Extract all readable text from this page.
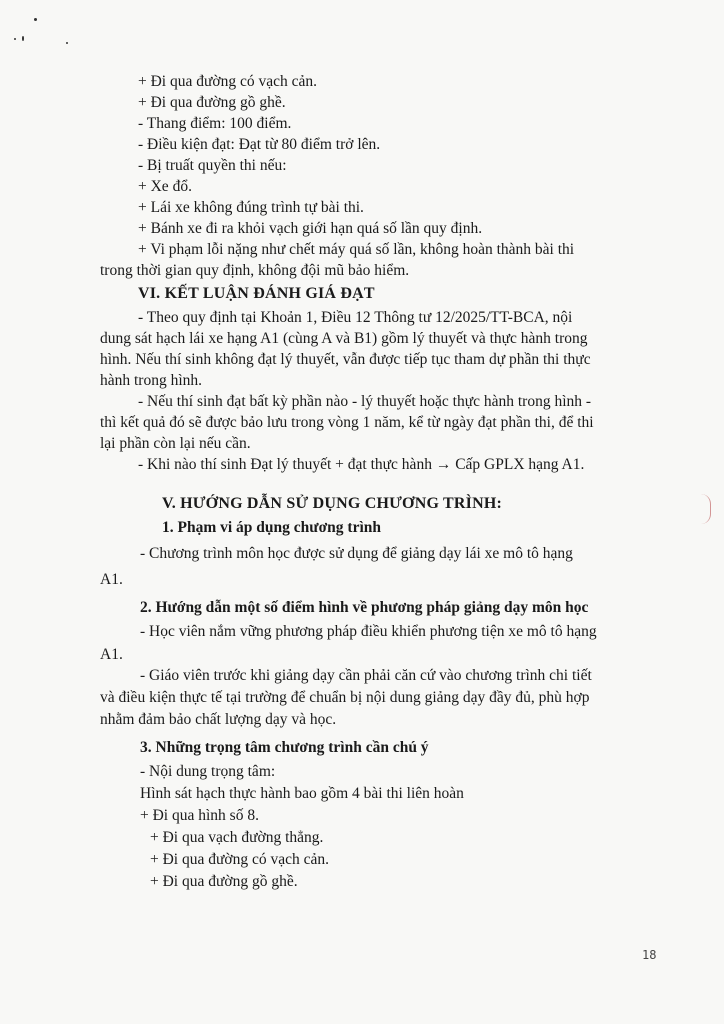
+ Đi qua đường có vạch cản.
+ Đi qua đường gồ ghề.
- Thang điểm: 100 điểm.
- Điều kiện đạt: Đạt từ 80 điểm trở lên.
- Bị truất quyền thi nếu:
+ Xe đổ.
+ Lái xe không đúng trình tự bài thi.
+ Bánh xe đi ra khỏi vạch giới hạn quá số lần quy định.
+ Vi phạm lỗi nặng như chết máy quá số lần, không hoàn thành bài thi
trong thời gian quy định, không đội mũ bảo hiểm.
VI. KẾT LUẬN ĐÁNH GIÁ ĐẠT
- Theo quy định tại Khoản 1, Điều 12 Thông tư 12/2025/TT-BCA, nội
dung sát hạch lái xe hạng A1 (cùng A và B1) gồm lý thuyết và thực hành trong
hình. Nếu thí sinh không đạt lý thuyết, vẫn được tiếp tục tham dự phần thi thực
hành trong hình.
- Nếu thí sinh đạt bất kỳ phần nào - lý thuyết hoặc thực hành trong hình -
thì kết quả đó sẽ được bảo lưu trong vòng 1 năm, kể từ ngày đạt phần thi, để thi
lại phần còn lại nếu cần.
- Khi nào thí sinh Đạt lý thuyết + đạt thực hành → Cấp GPLX hạng A1.
V. HƯỚNG DẪN SỬ DỤNG CHƯƠNG TRÌNH:
1. Phạm vi áp dụng chương trình
- Chương trình môn học được sử dụng để giảng dạy lái xe mô tô hạng
A1.
2. Hướng dẫn một số điểm hình về phương pháp giảng dạy môn học
- Học viên nắm vững phương pháp điều khiển phương tiện xe mô tô hạng
A1.
- Giáo viên trước khi giảng dạy cần phải căn cứ vào chương trình chi tiết
và điều kiện thực tế tại trường để chuẩn bị nội dung giảng dạy đầy đủ, phù hợp
nhằm đảm bảo chất lượng dạy và học.
3. Những trọng tâm chương trình cần chú ý
- Nội dung trọng tâm:
Hình sát hạch thực hành bao gồm 4 bài thi liên hoàn
+ Đi qua hình số 8.
+ Đi qua vạch đường thẳng.
+ Đi qua đường có vạch cản.
+ Đi qua đường gồ ghề.
18
